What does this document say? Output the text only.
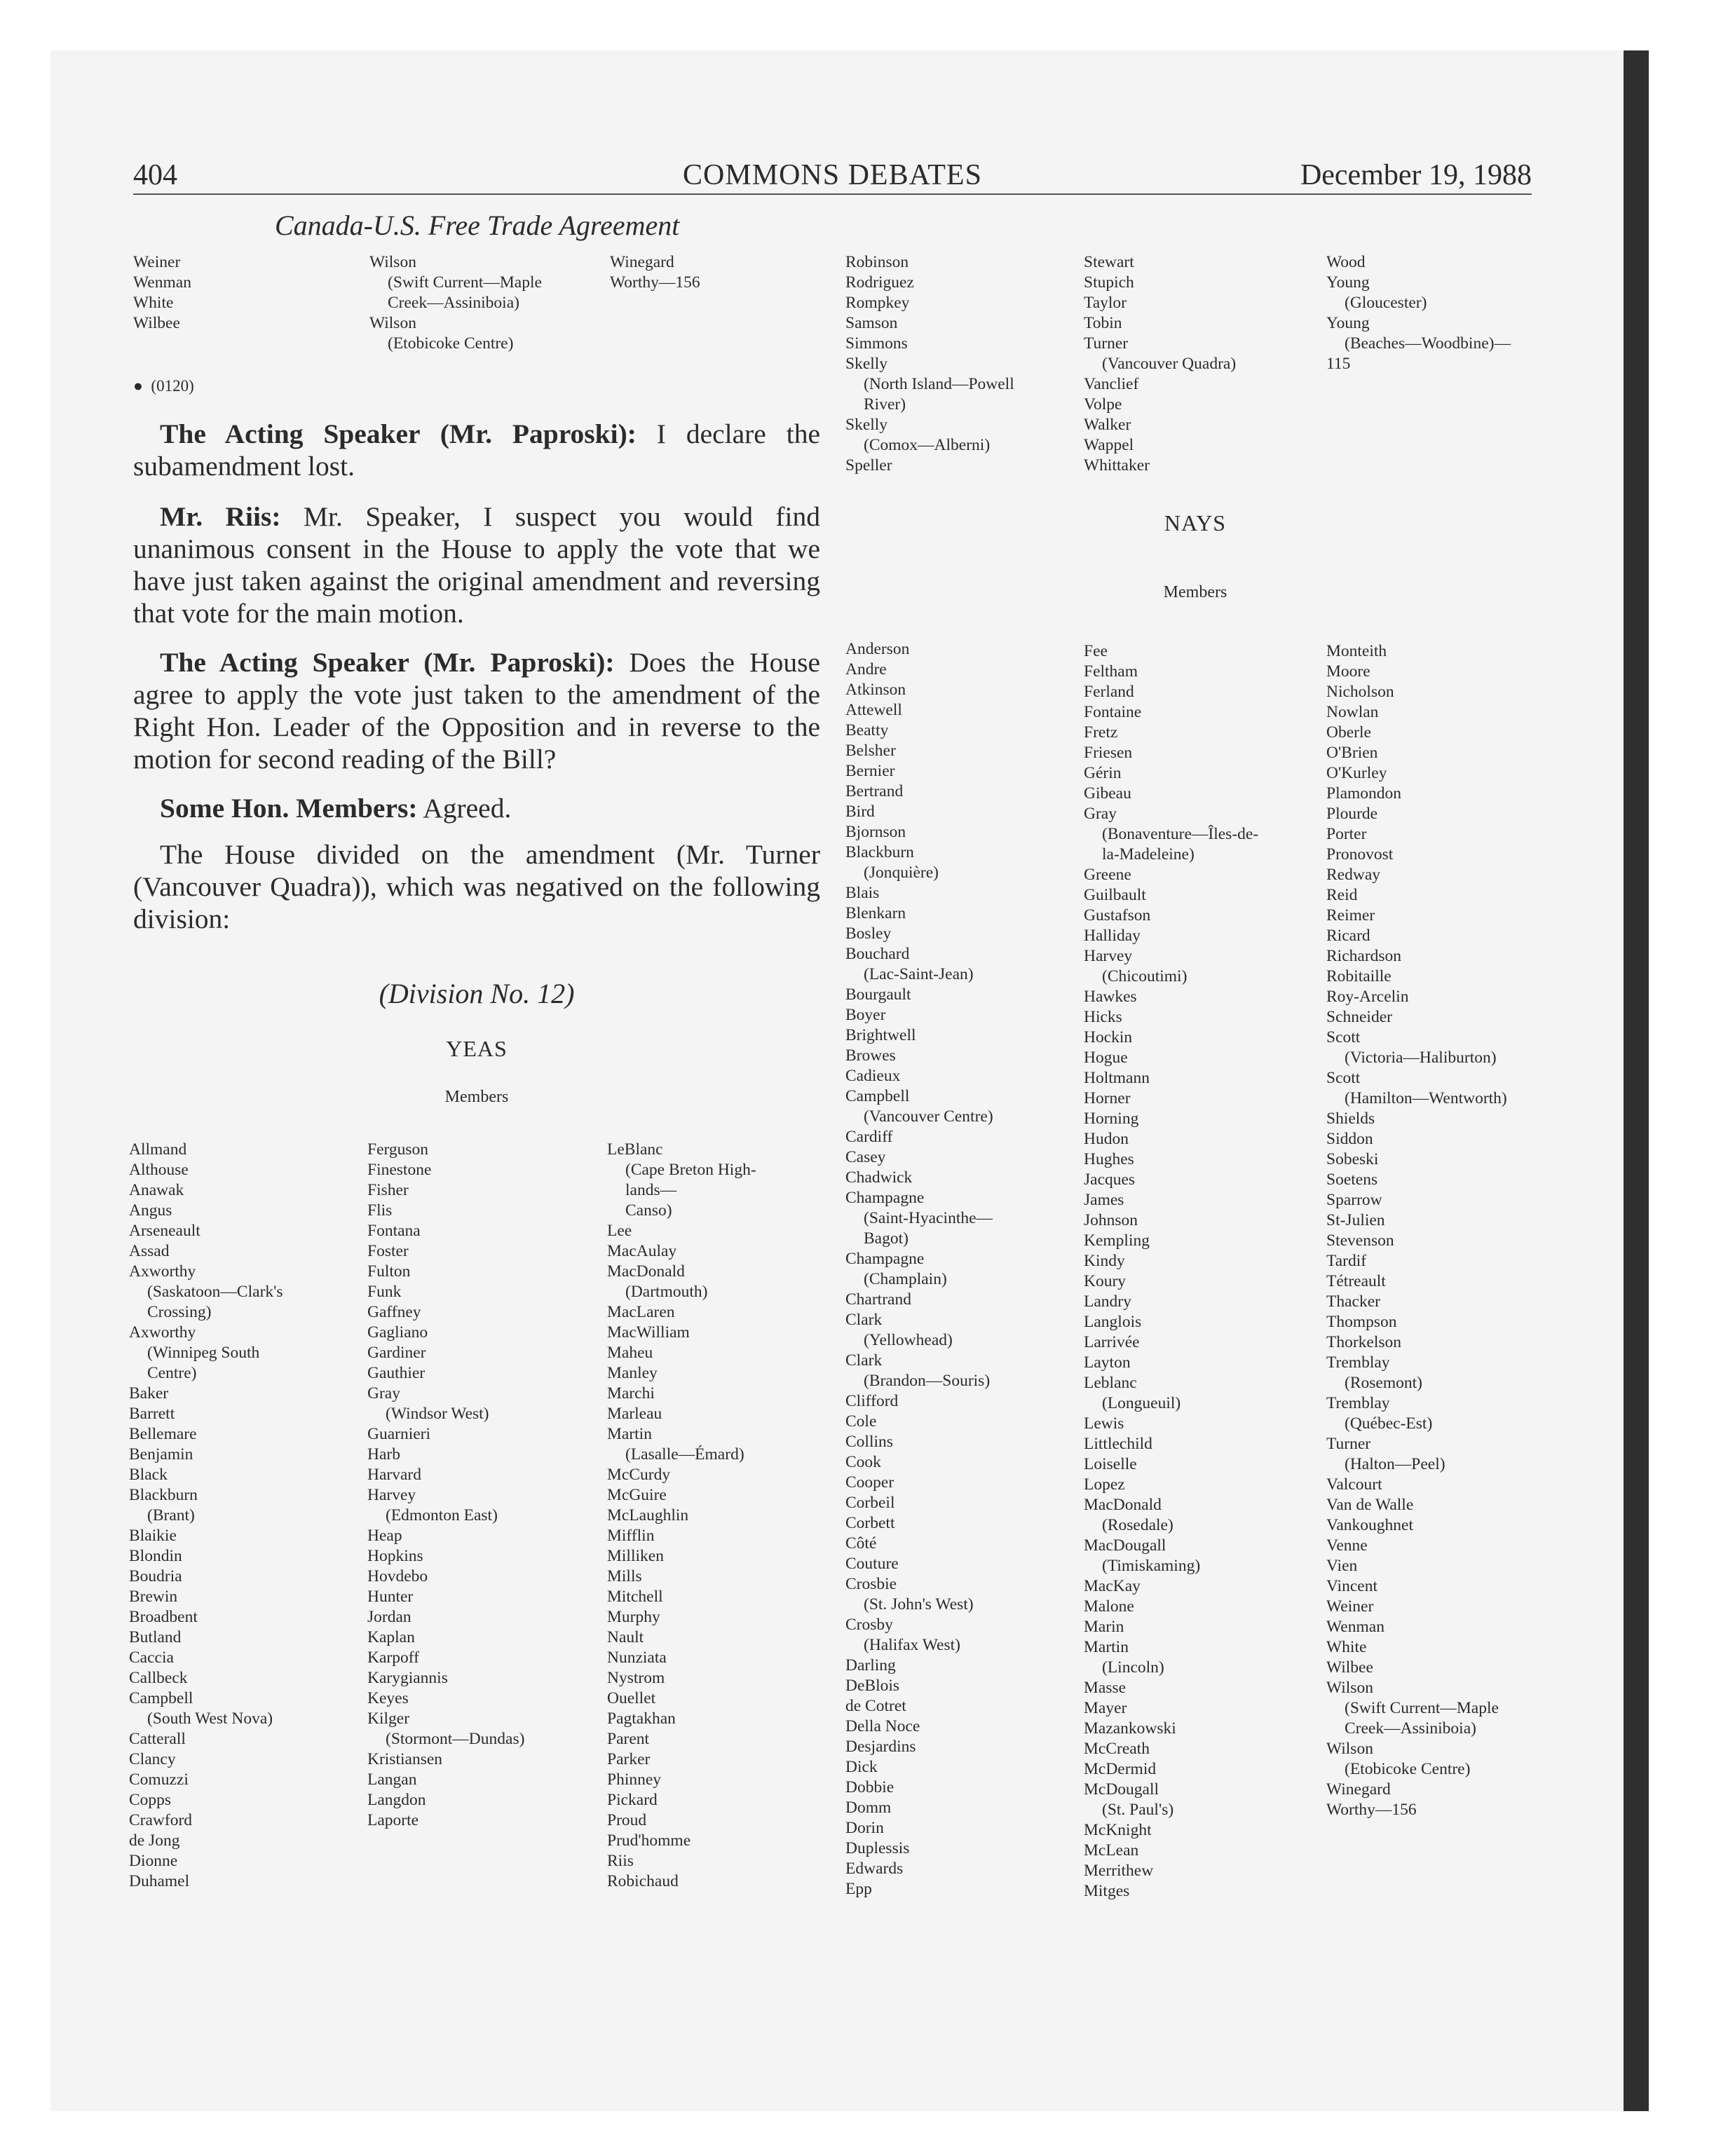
404	COMMONS DEBATES	December 19, 1988
Canada-U.S. Free Trade Agreement
Weiner
Wenman
White
Wilbee
Wilson
(Swift Current—Maple
Creek—Assiniboia)
Wilson
(Etobicoke Centre)
Winegard
Worthy—156
Robinson
Rodriguez
Rompkey
Samson
Simmons
Skelly
(North Island—Powell
River)
Skelly
(Comox—Alberni)
Speller
Stewart
Stupich
Taylor
Tobin
Turner
(Vancouver Quadra)
Vanclief
Volpe
Walker
Wappel
Whittaker
Wood
Young
(Gloucester)
Young
(Beaches—Woodbine)—
115
● (0120)
The Acting Speaker (Mr. Paproski): I declare the subamendment lost.
Mr. Riis: Mr. Speaker, I suspect you would find unanimous consent in the House to apply the vote that we have just taken against the original amendment and reversing that vote for the main motion.
The Acting Speaker (Mr. Paproski): Does the House agree to apply the vote just taken to the amendment of the Right Hon. Leader of the Opposition and in reverse to the motion for second reading of the Bill?
Some Hon. Members: Agreed.
The House divided on the amendment (Mr. Turner (Vancouver Quadra)), which was negatived on the following division:
(Division No. 12)
YEAS
Members
Allmand
Althouse
Anawak
Angus
Arseneault
Assad
Axworthy
(Saskatoon—Clark's
Crossing)
Axworthy
(Winnipeg South
Centre)
Baker
Barrett
Bellemare
Benjamin
Black
Blackburn
(Brant)
Blaikie
Blondin
Boudria
Brewin
Broadbent
Butland
Caccia
Callbeck
Campbell
(South West Nova)
Catterall
Clancy
Comuzzi
Copps
Crawford
de Jong
Dionne
Duhamel
Ferguson
Finestone
Fisher
Flis
Fontana
Foster
Fulton
Funk
Gaffney
Gagliano
Gardiner
Gauthier
Gray
(Windsor West)
Guarnieri
Harb
Harvard
Harvey
(Edmonton East)
Heap
Hopkins
Hovdebo
Hunter
Jordan
Kaplan
Karpoff
Karygiannis
Keyes
Kilger
(Stormont—Dundas)
Kristiansen
Langan
Langdon
Laporte
LeBlanc
(Cape Breton High-
lands—
Canso)
Lee
MacAulay
MacDonald
(Dartmouth)
MacLaren
MacWilliam
Maheu
Manley
Marchi
Marleau
Martin
(Lasalle—Émard)
McCurdy
McGuire
McLaughlin
Mifflin
Milliken
Mills
Mitchell
Murphy
Nault
Nunziata
Nystrom
Ouellet
Pagtakhan
Parent
Parker
Phinney
Pickard
Proud
Prud'homme
Riis
Robichaud
NAYS
Members
Anderson
Andre
Atkinson
Attewell
Beatty
Belsher
Bernier
Bertrand
Bird
Bjornson
Blackburn
(Jonquière)
Blais
Blenkarn
Bosley
Bouchard
(Lac-Saint-Jean)
Bourgault
Boyer
Brightwell
Browes
Cadieux
Campbell
(Vancouver Centre)
Cardiff
Casey
Chadwick
Champagne
(Saint-Hyacinthe—
Bagot)
Champagne
(Champlain)
Chartrand
Clark
(Yellowhead)
Clark
(Brandon—Souris)
Clifford
Cole
Collins
Cook
Cooper
Corbeil
Corbett
Côté
Couture
Crosbie
(St. John's West)
Crosby
(Halifax West)
Darling
DeBlois
de Cotret
Della Noce
Desjardins
Dick
Dobbie
Domm
Dorin
Duplessis
Edwards
Epp
Fee
Feltham
Ferland
Fontaine
Fretz
Friesen
Gérin
Gibeau
Gray
(Bonaventure—Îles-de-
la-Madeleine)
Greene
Guilbault
Gustafson
Halliday
Harvey
(Chicoutimi)
Hawkes
Hicks
Hockin
Hogue
Holtmann
Horner
Horning
Hudon
Hughes
Jacques
James
Johnson
Kempling
Kindy
Koury
Landry
Langlois
Larrivée
Layton
Leblanc
(Longueuil)
Lewis
Littlechild
Loiselle
Lopez
MacDonald
(Rosedale)
MacDougall
(Timiskaming)
MacKay
Malone
Marin
Martin
(Lincoln)
Masse
Mayer
Mazankowski
McCreath
McDermid
McDougall
(St. Paul's)
McKnight
McLean
Merrithew
Mitges
Monteith
Moore
Nicholson
Nowlan
Oberle
O'Brien
O'Kurley
Plamondon
Plourde
Porter
Pronovost
Redway
Reid
Reimer
Ricard
Richardson
Robitaille
Roy-Arcelin
Schneider
Scott
(Victoria—Haliburton)
Scott
(Hamilton—Wentworth)
Shields
Siddon
Sobeski
Soetens
Sparrow
St-Julien
Stevenson
Tardif
Tétreault
Thacker
Thompson
Thorkelson
Tremblay
(Rosemont)
Tremblay
(Québec-Est)
Turner
(Halton—Peel)
Valcourt
Van de Walle
Vankoughnet
Venne
Vien
Vincent
Weiner
Wenman
White
Wilbee
Wilson
(Swift Current—Maple
Creek—Assiniboia)
Wilson
(Etobicoke Centre)
Winegard
Worthy—156
